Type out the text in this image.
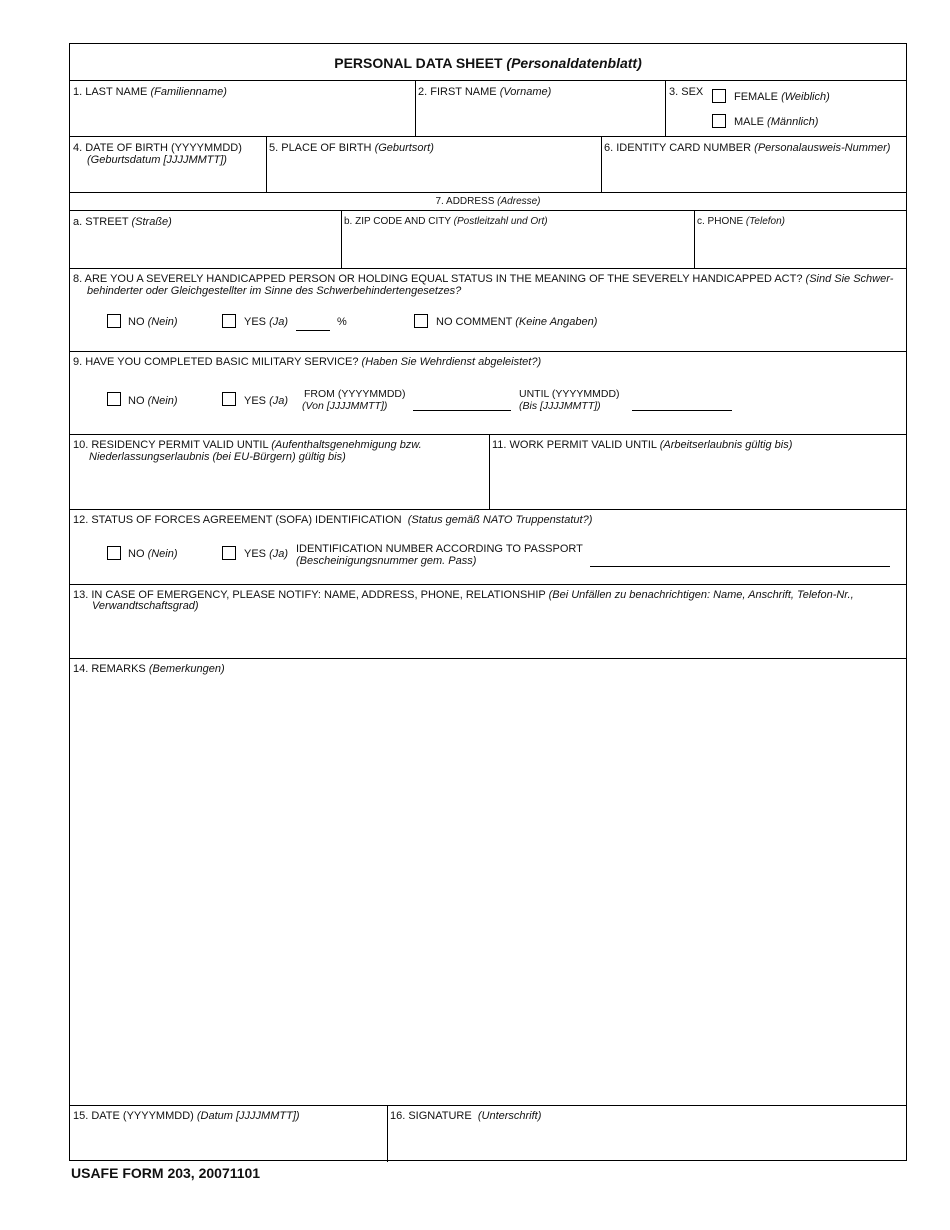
PERSONAL DATA SHEET (Personaldatenblatt)
1. LAST NAME (Familienname)	2. FIRST NAME (Vorname)	3. SEX	FEMALE (Weiblich)
MALE (Männlich)
4. DATE OF BIRTH (YYYYMMDD)
(Geburtsdatum [JJJJMMTT])
5. PLACE OF BIRTH (Geburtsort)	6. IDENTITY CARD NUMBER (Personalausweis-Nummer)
7. ADDRESS (Adresse)
a. STREET (Straße)	b. ZIP CODE AND CITY (Postleitzahl und Ort)	c. PHONE (Telefon)
8. ARE YOU A SEVERELY HANDICAPPED PERSON OR HOLDING EQUAL STATUS IN THE MEANING OF THE SEVERELY HANDICAPPED ACT? (Sind Sie Schwer-
behinderter oder Gleichgestellter im Sinne des Schwerbehindertengesetzes?
NO (Nein)	YES (Ja)	%	NO COMMENT (Keine Angaben)
9. HAVE YOU COMPLETED BASIC MILITARY SERVICE? (Haben Sie Wehrdienst abgeleistet?)
NO (Nein)	YES (Ja)
FROM (YYYYMMDD)
(Von [JJJJMMTT])
UNTIL (YYYYMMDD)
(Bis [JJJJMMTT])
10. RESIDENCY PERMIT VALID UNTIL (Aufenthaltsgenehmigung bzw.
Niederlassungserlaubnis (bei EU-Bürgern) gültig bis)
11. WORK PERMIT VALID UNTIL (Arbeitserlaubnis gültig bis)
12. STATUS OF FORCES AGREEMENT (SOFA) IDENTIFICATION (Status gemäß NATO Truppenstatut?)
NO (Nein)	YES (Ja) IDENTIFICATION NUMBER ACCORDING TO PASSPORT
(Bescheinigungsnummer gem. Pass)
13. IN CASE OF EMERGENCY, PLEASE NOTIFY: NAME, ADDRESS, PHONE, RELATIONSHIP (Bei Unfällen zu benachrichtigen: Name, Anschrift, Telefon-Nr.,
Verwandtschaftsgrad)
14. REMARKS (Bemerkungen)
15. DATE (YYYYMMDD) (Datum [JJJJMMTT])	16. SIGNATURE (Unterschrift)
USAFE FORM 203, 20071101
